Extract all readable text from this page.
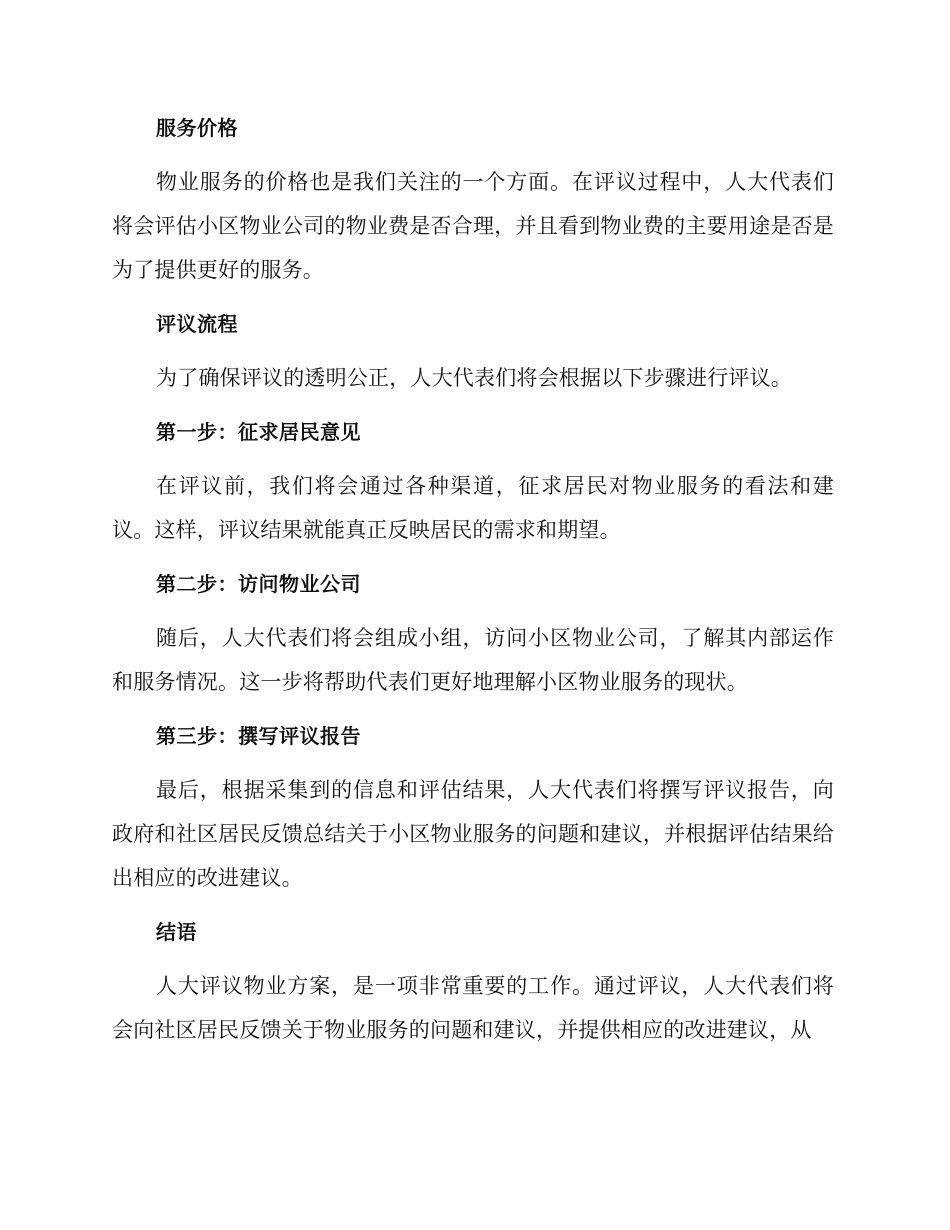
服务价格

物业服务的价格也是我们关注的一个方面。在评议过程中，人大代表们将会评估小区物业公司的物业费是否合理，并且看到物业费的主要用途是否是为了提供更好的服务。

评议流程

为了确保评议的透明公正，人大代表们将会根据以下步骤进行评议。

第一步：征求居民意见

在评议前，我们将会通过各种渠道，征求居民对物业服务的看法和建议。这样，评议结果就能真正反映居民的需求和期望。

第二步：访问物业公司

随后，人大代表们将会组成小组，访问小区物业公司，了解其内部运作和服务情况。这一步将帮助代表们更好地理解小区物业服务的现状。

第三步：撰写评议报告

最后，根据采集到的信息和评估结果，人大代表们将撰写评议报告，向政府和社区居民反馈总结关于小区物业服务的问题和建议，并根据评估结果给出相应的改进建议。

结语

人大评议物业方案，是一项非常重要的工作。通过评议，人大代表们将会向社区居民反馈关于物业服务的问题和建议，并提供相应的改进建议，从
